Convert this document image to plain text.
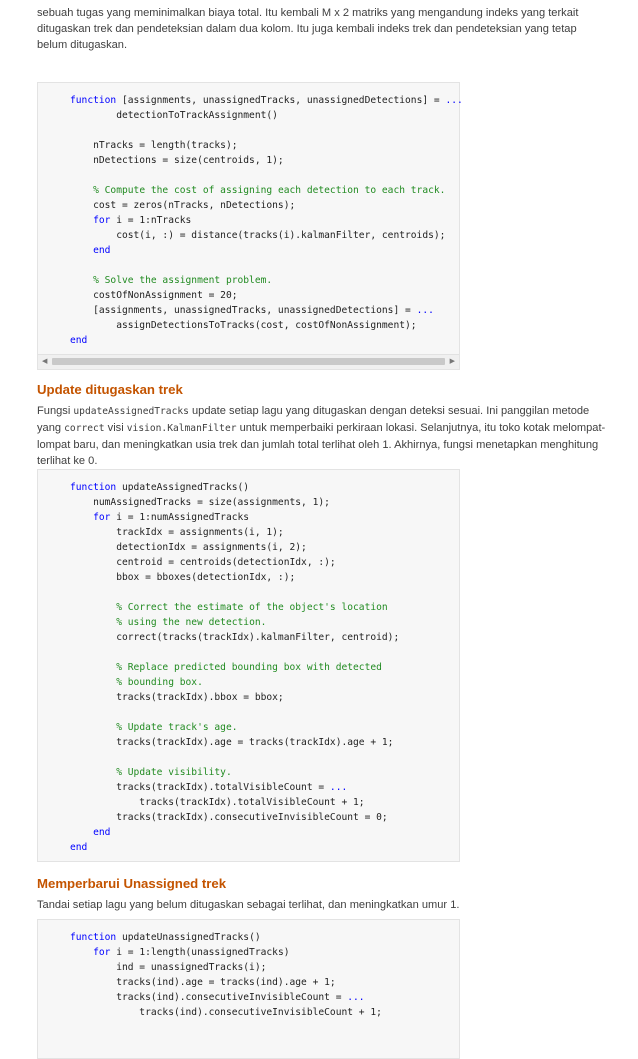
sebuah tugas yang meminimalkan biaya total. Itu kembali M x 2 matriks yang mengandung indeks yang terkait ditugaskan trek dan pendeteksian dalam dua kolom. Itu juga kembali indeks trek dan pendeteksian yang tetap belum ditugaskan.

function [assignments, unassignedTracks, unassignedDetections] = ...
detectionToTrackAssignment()

nTracks = length(tracks);
nDetections = size(centroids, 1);

% Compute the cost of assigning each detection to each track.
cost = zeros(nTracks, nDetections);
for i = 1:nTracks
cost(i, :) = distance(tracks(i).kalmanFilter, centroids);
end

% Solve the assignment problem.
costOfNonAssignment = 20;
[assignments, unassignedTracks, unassignedDetections] = ...
assignDetectionsToTracks(cost, costOfNonAssignment);
end
◀	▶
Update ditugaskan trek

Fungsi updateAssignedTracks update setiap lagu yang ditugaskan dengan deteksi sesuai. Ini panggilan metode yang correct visi vision.KalmanFilter untuk memperbaiki perkiraan lokasi. Selanjutnya, itu toko kotak melompat-lompat baru, dan meningkatkan usia trek dan jumlah total terlihat oleh 1. Akhirnya, fungsi menetapkan menghitung terlihat ke 0.

function updateAssignedTracks()
numAssignedTracks = size(assignments, 1);
for i = 1:numAssignedTracks
trackIdx = assignments(i, 1);
detectionIdx = assignments(i, 2);
centroid = centroids(detectionIdx, :);
bbox = bboxes(detectionIdx, :);

% Correct the estimate of the object's location
% using the new detection.
correct(tracks(trackIdx).kalmanFilter, centroid);

% Replace predicted bounding box with detected
% bounding box.
tracks(trackIdx).bbox = bbox;

% Update track's age.
tracks(trackIdx).age = tracks(trackIdx).age + 1;

% Update visibility.
tracks(trackIdx).totalVisibleCount = ...
tracks(trackIdx).totalVisibleCount + 1;
tracks(trackIdx).consecutiveInvisibleCount = 0;
end
end
Memperbarui Unassigned trek

Tandai setiap lagu yang belum ditugaskan sebagai terlihat, dan meningkatkan umur 1.

function updateUnassignedTracks()
for i = 1:length(unassignedTracks)
ind = unassignedTracks(i);
tracks(ind).age = tracks(ind).age + 1;
tracks(ind).consecutiveInvisibleCount = ...
tracks(ind).consecutiveInvisibleCount + 1;
